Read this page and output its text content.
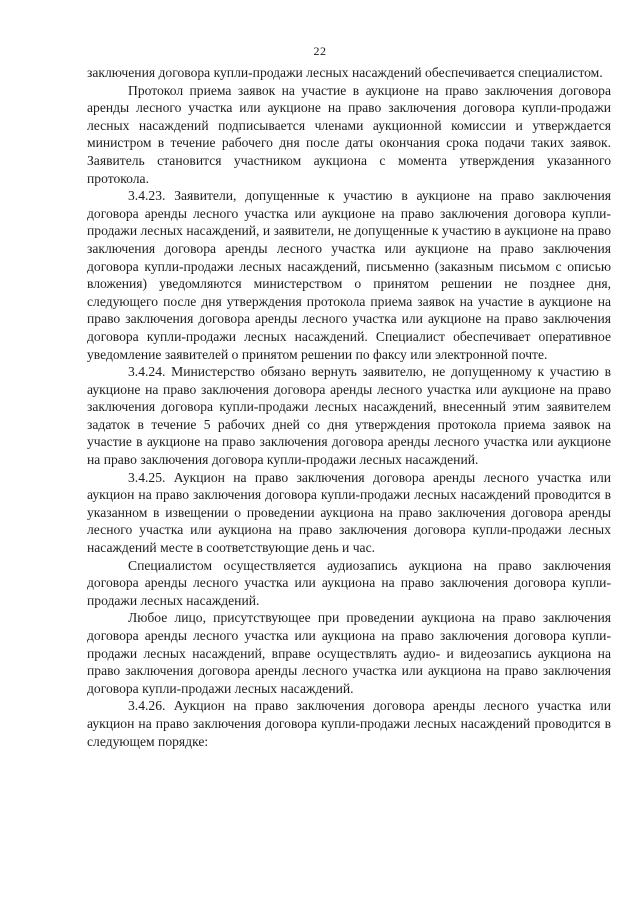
22

заключения договора купли-продажи лесных насаждений обеспечивается специалистом.

Протокол приема заявок на участие в аукционе на право заключения договора аренды лесного участка или аукционе на право заключения договора купли-продажи лесных насаждений подписывается членами аукционной комиссии и утверждается министром в течение рабочего дня после даты окончания срока подачи таких заявок. Заявитель становится участником аукциона с момента утверждения указанного протокола.

3.4.23. Заявители, допущенные к участию в аукционе на право заключения договора аренды лесного участка или аукционе на право заключения договора купли-продажи лесных насаждений, и заявители, не допущенные к участию в аукционе на право заключения договора аренды лесного участка или аукционе на право заключения договора купли-продажи лесных насаждений, письменно (заказным письмом с описью вложения) уведомляются министерством о принятом решении не позднее дня, следующего после дня утверждения протокола приема заявок на участие в аукционе на право заключения договора аренды лесного участка или аукционе на право заключения договора купли-продажи лесных насаждений. Специалист обеспечивает оперативное уведомление заявителей о принятом решении по факсу или электронной почте.

3.4.24. Министерство обязано вернуть заявителю, не допущенному к участию в аукционе на право заключения договора аренды лесного участка или аукционе на право заключения договора купли-продажи лесных насаждений, внесенный этим заявителем задаток в течение 5 рабочих дней со дня утверждения протокола приема заявок на участие в аукционе на право заключения договора аренды лесного участка или аукционе на право заключения договора купли-продажи лесных насаждений.

3.4.25. Аукцион на право заключения договора аренды лесного участка или аукцион на право заключения договора купли-продажи лесных насаждений проводится в указанном в извещении о проведении аукциона на право заключения договора аренды лесного участка или аукциона на право заключения договора купли-продажи лесных насаждений месте в соответствующие день и час.

Специалистом осуществляется аудиозапись аукциона на право заключения договора аренды лесного участка или аукциона на право заключения договора купли-продажи лесных насаждений.

Любое лицо, присутствующее при проведении аукциона на право заключения договора аренды лесного участка или аукциона на право заключения договора купли-продажи лесных насаждений, вправе осуществлять аудио- и видеозапись аукциона на право заключения договора аренды лесного участка или аукциона на право заключения договора купли-продажи лесных насаждений.

3.4.26. Аукцион на право заключения договора аренды лесного участка или аукцион на право заключения договора купли-продажи лесных насаждений проводится в следующем порядке:
